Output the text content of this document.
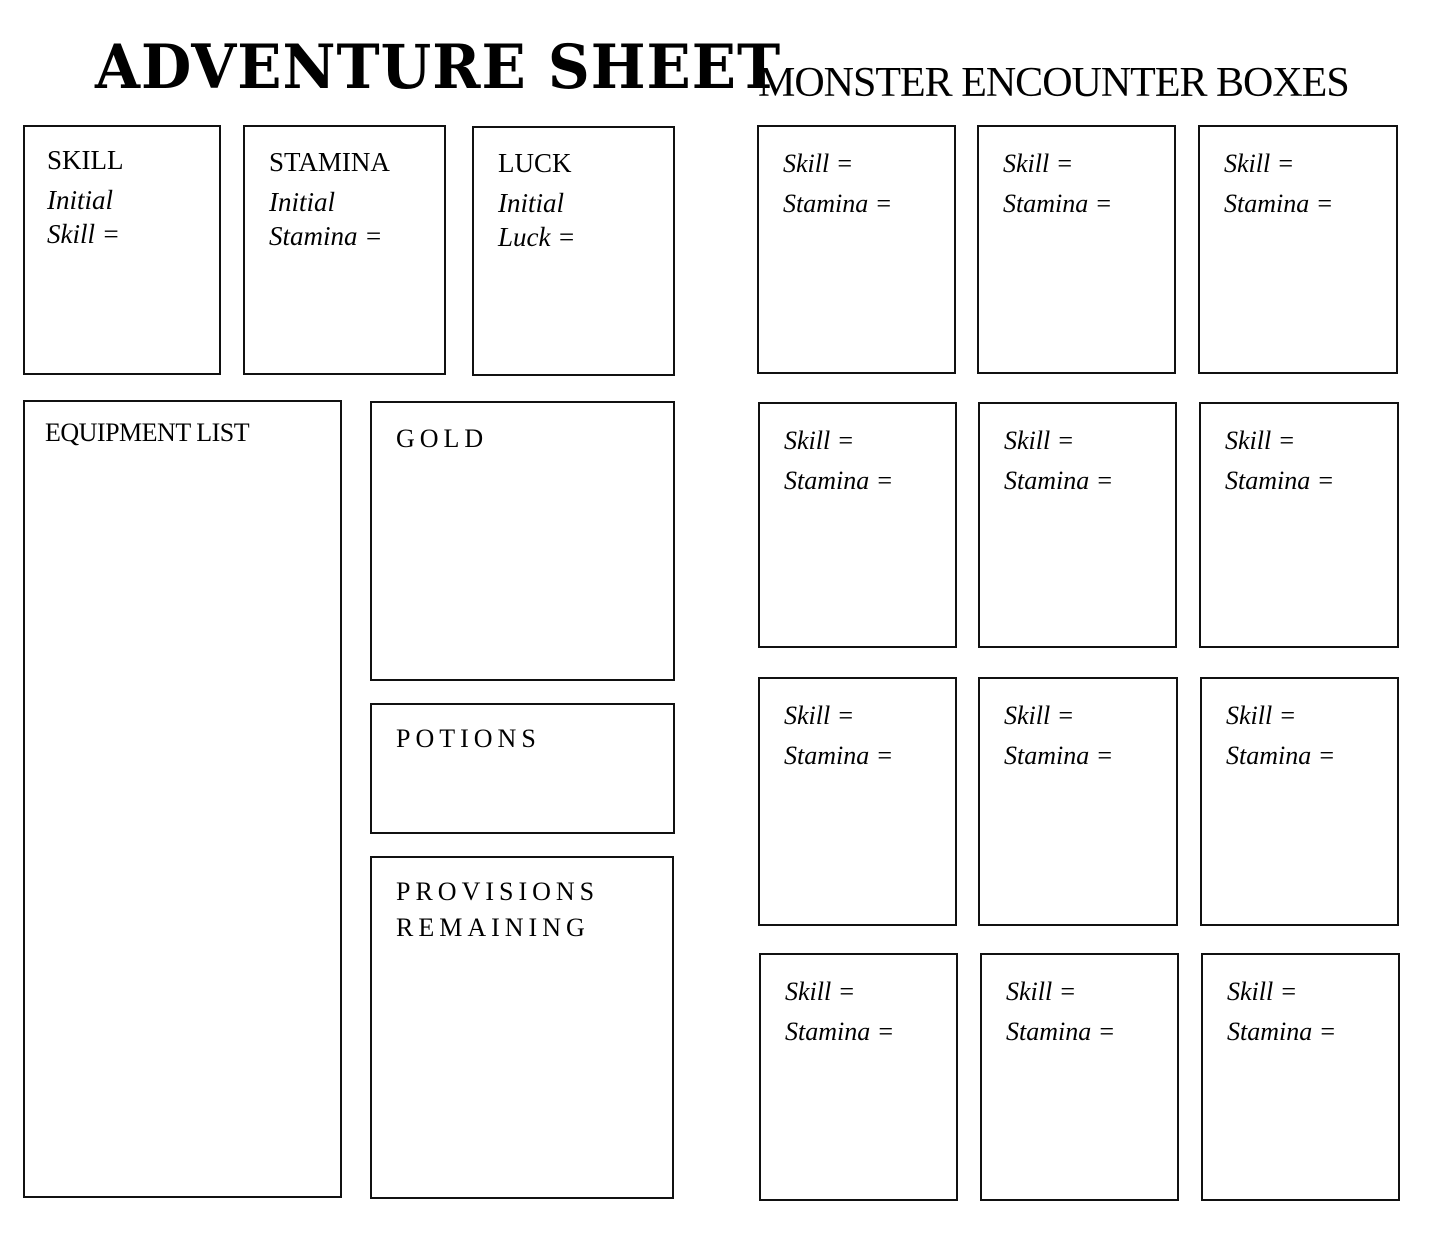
ADVENTURE SHEET
MONSTER ENCOUNTER BOXES
SKILL
Initial
Skill =
STAMINA
Initial
Stamina =
LUCK
Initial
Luck =
EQUIPMENT LIST	GOLD
POTIONS
PROVISIONS
REMAINING
Skill =
Stamina =
Skill =
Stamina =
Skill =
Stamina =
Skill =
Stamina =
Skill =
Stamina =
Skill =
Stamina =
Skill =
Stamina =
Skill =
Stamina =
Skill =
Stamina =
Skill =
Stamina =
Skill =
Stamina =
Skill =
Stamina =
